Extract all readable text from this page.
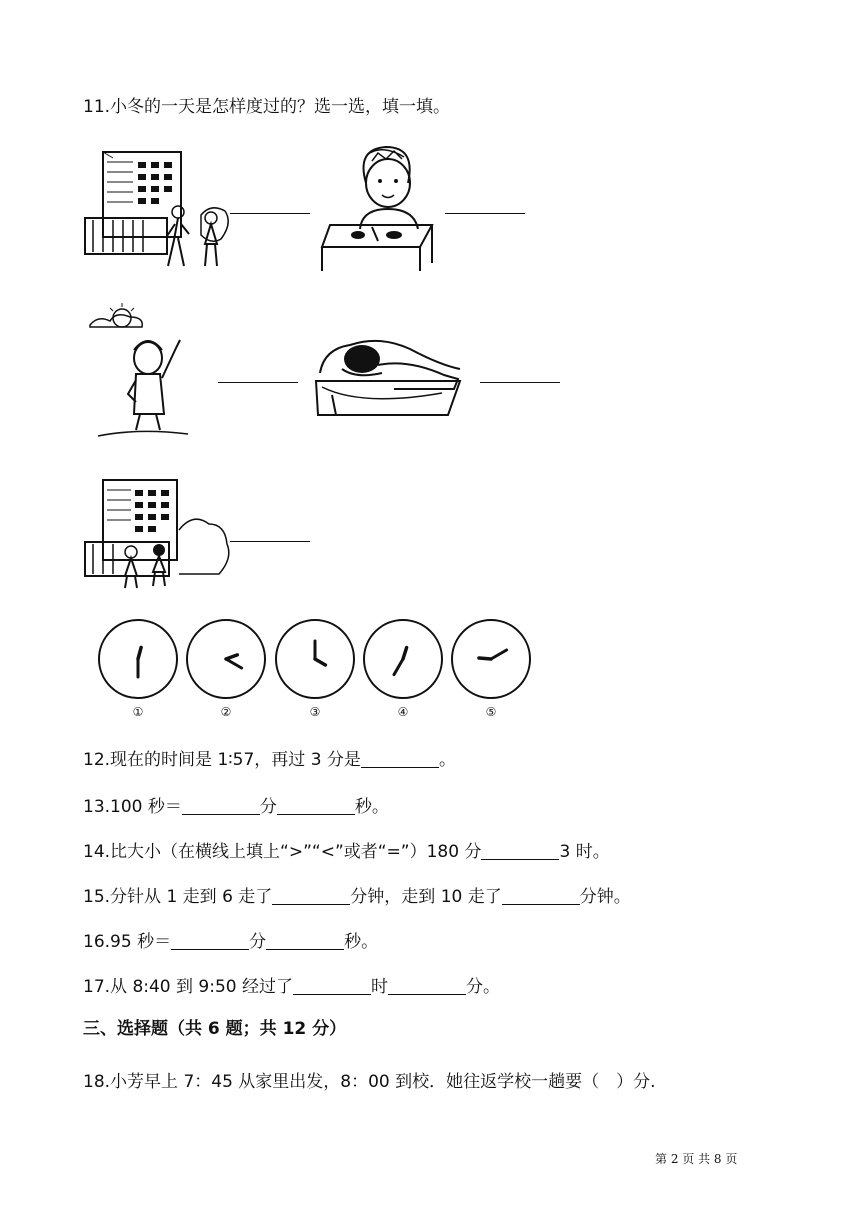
11.小冬的一天是怎样度过的？选一选，填一填。
①	②	③	④	⑤
12.现在的时间是 1∶57，再过 3 分是	。
13.100 秒＝	分	秒。
14.比大小（在横线上填上“>”“<”或者“=”）180 分	3 时。
15.分针从 1 走到 6 走了	分钟，走到 10 走了	分钟。
16.95 秒＝	分	秒。
17.从 8:40 到 9:50 经过了	时	分。
三、选择题（共 6 题；共 12 分）
18.小芳早上 7：45 从家里出发，8：00 到校．她往返学校一趟要（　）分.
第 2 页 共 8 页
